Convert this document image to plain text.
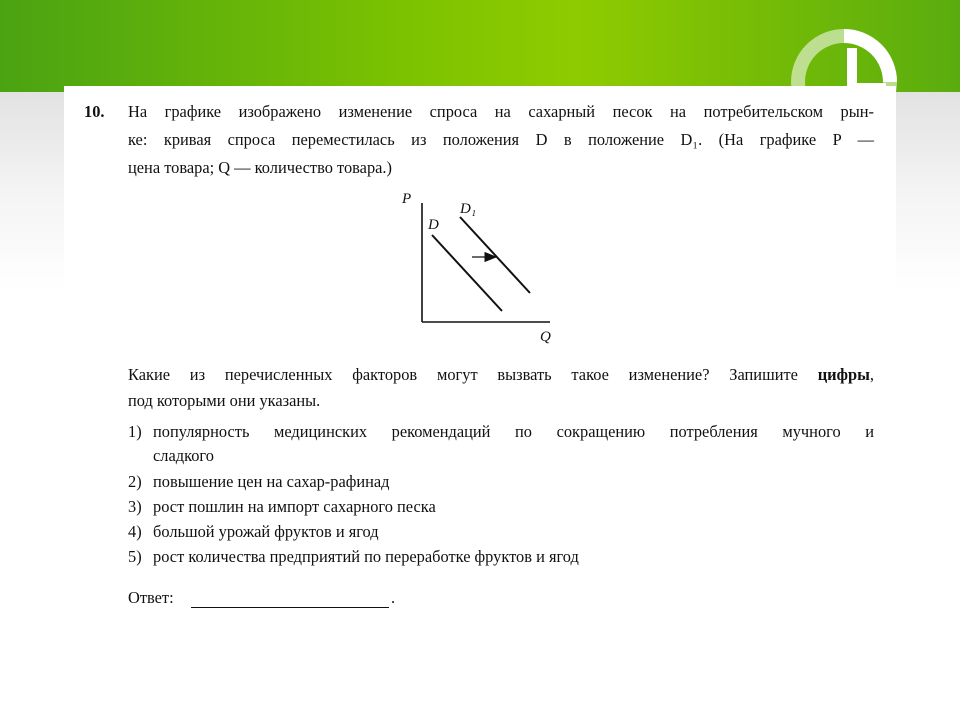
10. На графике изображено изменение спроса на сахарный песок на потребительском рын-
ке: кривая спроса переместилась из положения D в положение D₁. (На графике P —
цена товара; Q — количество товара.)
P
Q
D
D₁
Какие из перечисленных факторов могут вызвать такое изменение? Запишите цифры,
под которыми они указаны.
1) популярность медицинских рекомендаций по сокращению потребления мучного и
сладкого
2) повышение цен на сахар-рафинад
3) рост пошлин на импорт сахарного песка
4) большой урожай фруктов и ягод
5) рост количества предприятий по переработке фруктов и ягод
Ответ:	.
